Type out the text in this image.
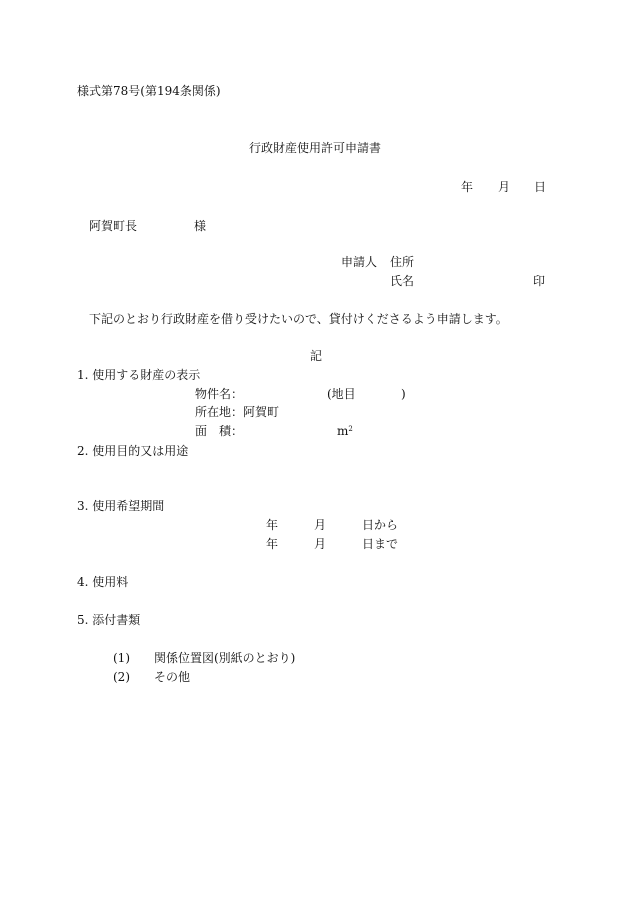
様式第78号(第194条関係)
行政財産使用許可申請書
年 月 日
阿賀町長	様
申請人 住所
氏名	印
下記のとおり行政財産を借り受けたいので、貸付けくださるよう申請します。
記
1. 使用する財産の表示
物件名：	(地目	)
所在地：阿賀町
面　積：	$m^2$
2. 使用目的又は用途
3. 使用希望期間
年	月	日から
年	月	日まで
4. 使用料
5. 添付書類
(1) 関係位置図(別紙のとおり)
(2) その他
